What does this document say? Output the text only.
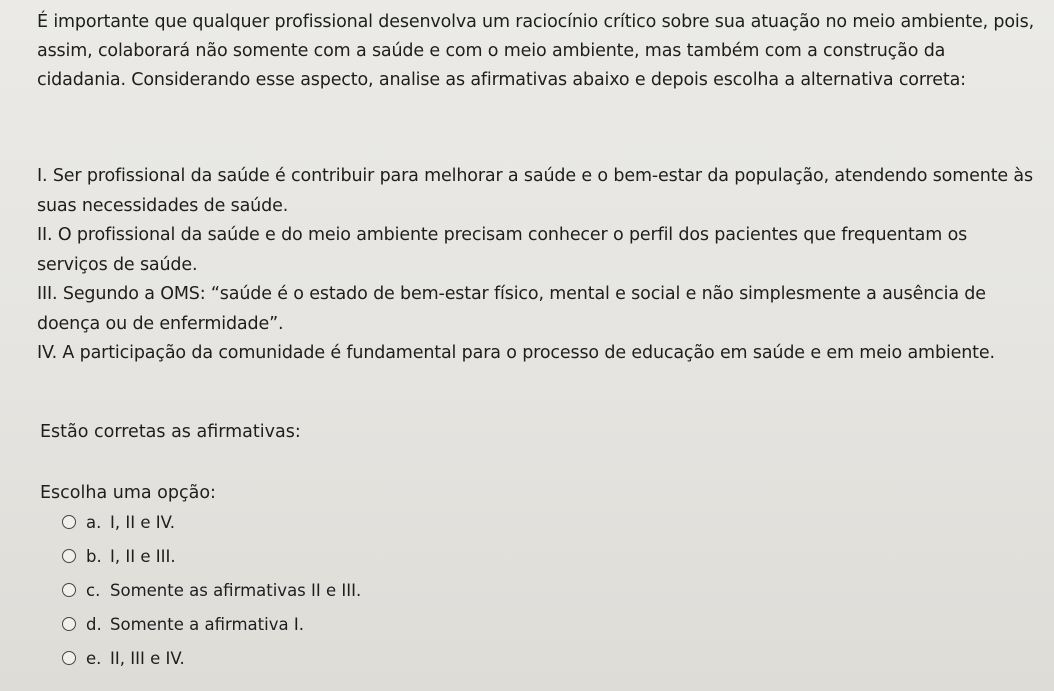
É importante que qualquer profissional desenvolva um raciocínio crítico sobre sua atuação no meio ambiente, pois, assim, colaborará não somente com a saúde e com o meio ambiente, mas também com a construção da cidadania. Considerando esse aspecto, analise as afirmativas abaixo e depois escolha a alternativa correta:

I. Ser profissional da saúde é contribuir para melhorar a saúde e o bem-estar da população, atendendo somente às suas necessidades de saúde.

II. O profissional da saúde e do meio ambiente precisam conhecer o perfil dos pacientes que frequentam os serviços de saúde.

III. Segundo a OMS: “saúde é o estado de bem-estar físico, mental e social e não simplesmente a ausência de doença ou de enfermidade”.

IV. A participação da comunidade é fundamental para o processo de educação em saúde e em meio ambiente.

Estão corretas as afirmativas:
Escolha uma opção:
a. I, II e IV.
b. I, II e III.
c. Somente as afirmativas II e III.
d. Somente a afirmativa I.
e. II, III e IV.
